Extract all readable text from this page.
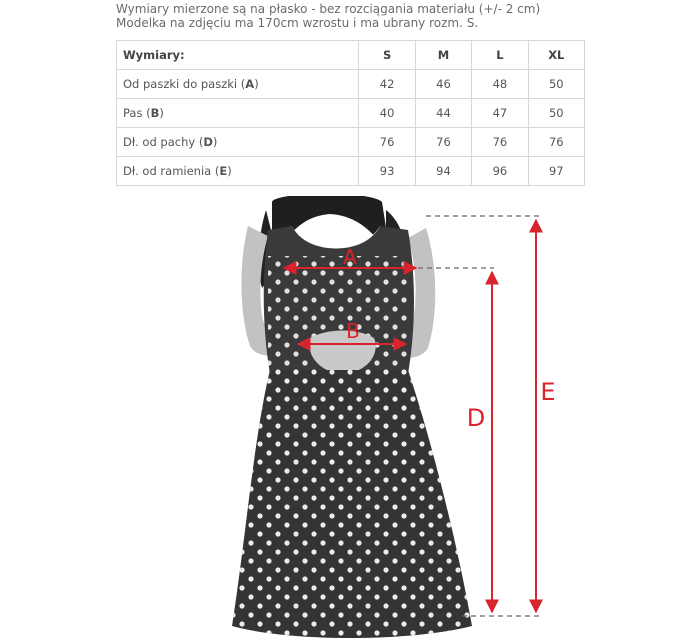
Wymiary mierzone są na płasko - bez rozciągania materiału (+/- 2 cm)
Modelka na zdjęciu ma 170cm wzrostu i ma ubrany rozm. S.
Wymiary:	S	M	L	XL
Od paszki do paszki (A)	42	46	48	50
Pas (B)	40	44	47	50
Dł. od pachy (D)	76	76	76	76
Dł. od ramienia (E)	93	94	96	97
A
B
D
E
